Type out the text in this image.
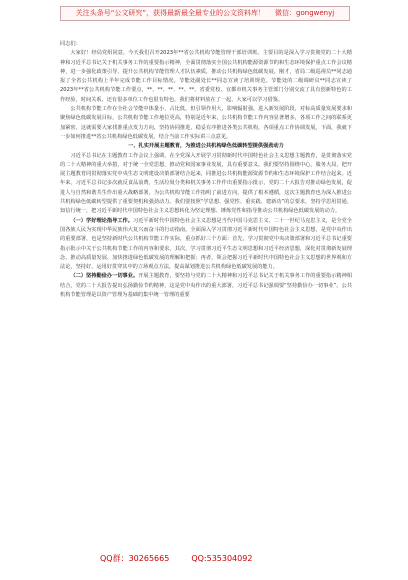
关注头条号“公文研究”，获得最新最全最专业的公文资料库！ 微信：gongwenyj

同志们：

大家好！经局党组同意，今天我们召开2023年**省公共机构节能管理干部培训班。主要目的是深入学习贯彻党的二十大精神和习近平总书记关于机关事务工作的重要指示精神，全面贯彻落实全国公共机构能源资源节约和生态环境保护重点工作会议精神，进一步强化政策引导，提升公共机构节能管理人才队伍素质，推动公共机构绿色低碳发展。刚才，省局二级巡视员**同志通报了全省公共机构上半年完成节能工作目标情况。节能处副处长**同志宣读了培训规范。节能处的二级调研员**同志宣读了2023年**省公共机构节能工作要点，**、**、**、**、**、省委党校、宜都市机关事务主管部门分别交流了具有创新特色的工作经验，时间关系，还有很多单位工作也很有特色，我们将材料放在了一起，大家可以学习借鉴。

公共机构节能工作在全社会节能中体量小、占比低，但引领作用大，影响辐射强。进入新发展阶段，对标高质量发展要求和聚焦绿色低碳发展目标，公共机构节能工作地位更高，特别是近年来，公共机构节能工作内容显著增多，各项工作之间的联系更加紧密，这就需要大家找准重点发力方向，坚持协同推进，稳妥有序推进各类公共机构，各项重点工作协调发展。下面，我就下一步如何推进**省公共机构绿色低碳发展，结合当前工作实际讲三点意见。

一、扎实开展主题教育，为推进公共机构绿色低碳转型提供强劲动力

习近平总书记在主题教育工作会议上强调，在全党深入开展学习贯彻新时代中国特色社会主义思想主题教育，是贯彻落实党的二十大精神的重大举措，对于统一全党思想，推动党和国家事业发展，具有重要意义。我们要坚持围绕中心，服务大局，把开展主题教育同贯彻落实党中央生态文明建设决策部署结合起来，同推进公共机构能源资源节约和生态环境保护工作结合起来。近年来，习近平总书记多次就反食品浪费，生活垃圾分类和机关事务工作作出重要指示批示，党的二十大报告对推动绿色发展，促进人与自然和谐共生作出重大战略部署，为公共机构节能工作指明了前进方向，提供了根本遵循，这次主题教育也为深入推进公共机构绿色低碳转型提供了重要契机和强劲动力。我们要按照“学思想、强党性、重实践、建新功”的总要求，坚持学思用贯通、知信行统一，把习近平新时代中国特色社会主义思想转化为坚定理想、锤炼党性和指导推动公共机构绿色低碳发展的动力。

（一）学好理论指导工作。习近平新时代中国特色社会主义思想是当代中国马克思主义、二十一世纪马克思主义，是全党全国各族人民为实现中华民族伟大复兴而奋斗的行动指南。全面深入学习贯彻习近平新时代中国特色社会主义思想，是党中央作出的重要部署，也是坚持新时代公共机构节能工作实际，重点抓好三个方面：首先，学习贯彻党中央决策部署和习近平总书记重要指示批示中关于公共机构节能工作的内容和要求。其次，学习贯彻习近平生态文明思想和习近平经济思想，深化对贯彻新发展理念，推动高质量发展、加快推进绿色低碳发展的理解和把握；再者，领会把握习近平新时代中国特色社会主义思想的世界观和方法论，坚持好、运用好贯穿其中的立场观点方法，提高谋划推进公共机构绿色低碳发展的能力。

（二）坚持勤俭办一切事业。开展主题教育，要坚持与党的二十大精神和习近平总书记关于机关事务工作的重要指示精神相结合，党的二十大报告提出弘扬勤俭节约精神，这是党中央作出的重大部署，习近平总书记强调要“坚持勤俭办一切事业”。公共机构节能管理是以资产管理为基础的集中统一管理的重要

QQ群：30265665	QQ:535304092
